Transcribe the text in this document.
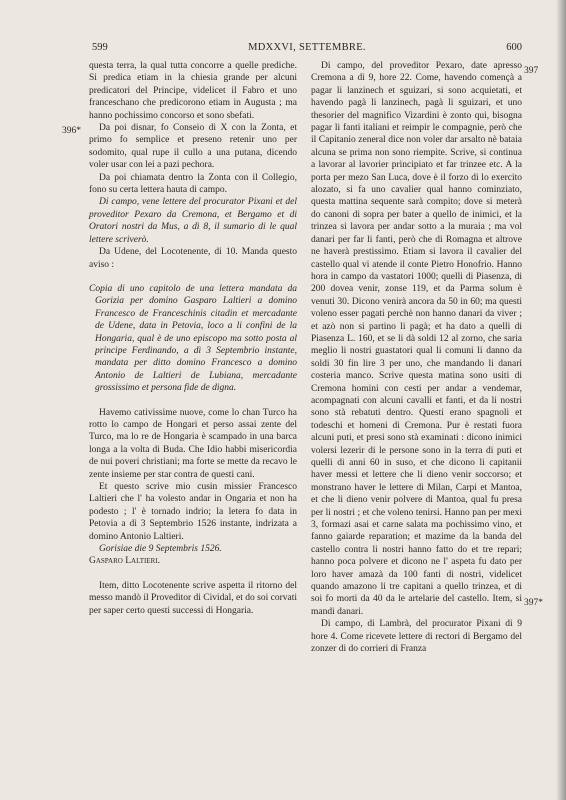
599	MDXXVI, SETTEMBRE.	600
396*
397
397*

questa terra, la qual tutta concorre a quelle prediche. Si predica etiam in la chiesia grande per alcuni predicatori del Principe, videlicet il Fabro et uno franceschano che predicorono etiam in Augusta ; ma hanno pochissimo concorso et sono sbefati.

Da poi disnar, fo Conseio di X con la Zonta, et primo fo semplice et preseno retenir uno per sodomito, qual rupe il cullo a una putana, dicendo voler usar con lei a pazi pechora.

Da poi chiamata dentro la Zonta con il Collegio, fono su certa lettera hauta di campo.

Di campo, vene lettere del procurator Pixani et del proveditor Pexaro da Cremona, et Bergamo et di Oratori nostri da Mus, a dì 8, il sumario di le qual lettere scriverò.

Da Udene, del Locotenente, di 10. Manda questo aviso :

Copia di uno capitolo de una lettera mandata da Gorizia per domino Gasparo Laltieri a domino Francesco de Franceschinis citadin et mercadante de Udene, data in Petovia, loco a li confini de la Hongaria, qual è de uno episcopo ma sotto posta al principe Ferdinando, a dì 3 Septembrio instante, mandata per ditto domino Francesco a domino Antonio de Laltieri de Lubiana, mercadante grossissimo et persona fide de digna.

Havemo cativissime nuove, come lo chan Turco ha rotto lo campo de Hongari et perso assai zente del Turco, ma lo re de Hongaria è scampado in una barca longa a la volta di Buda. Che Idio habbi misericordia de nui poveri christiani; ma forte se mette da recavo le zente insieme per star contra de questi cani.

Et questo scrive mio cusin missier Francesco Laltieri che l' ha volesto andar in Ongaria et non ha podesto ; l' è tornado indrio; la letera fo data in Petovia a dì 3 Septembrio 1526 instante, indrizata a domino Antonio Laltieri.

Gorisiae die 9 Septembris 1526.

Gasparo Laltieri.

Item, ditto Locotenente scrive aspetta il ritorno del messo mandò il Proveditor di Cividal, et do soi corvati per saper certo questi successi di Hongaria.

Di campo, del proveditor Pexaro, date apresso Cremona a dì 9, hore 22. Come, havendo començà a pagar li lanzinech et sguizari, si sono acquietati, et havendo pagà li lanzinech, pagà li sguizari, et uno thesorier del magnifico Vizardini è zonto qui, bisogna pagar li fanti italiani et reimpir le compagnie, però che il Capitanio zeneral dice non voler dar arsalto nè bataia alcuna se prima non sono riempite. Scrive, si continua a lavorar al lavorier principiato et far trinzee etc. A la porta per mezo San Luca, dove è il forzo di lo exercito alozato, si fa uno cavalier qual hanno cominziato, questa mattina sequente sarà compito; dove si meterà do canoni di sopra per bater a quello de inimici, et la trinzea si lavora per andar sotto a la muraia ; ma vol danari per far li fanti, però che di Romagna et altrove ne haverà prestissimo. Etiam si lavora il cavalier del castello qual vi atende il conte Pietro Honofrio. Hanno hora in campo da vastatori 1000; quelli di Piasenza, di 200 dovea venir, zonse 119, et da Parma solum è venuti 30. Dicono venirà ancora da 50 in 60; ma questi voleno esser pagati perchè non hanno danari da viver ; et azò non si partino li pagà; et ha dato a quelli di Piasenza L. 160, et se li dà soldi 12 al zorno, che saria meglio li nostri guastatori qual li comuni li danno da soldi 30 fin lire 3 per uno, che mandando li danari costeria manco. Scrive questa matina sono usiti di Cremona homini con cesti per andar a vendemar, acompagnati con alcuni cavalli et fanti, et da li nostri sono stà rebatuti dentro. Questi erano spagnoli et todeschi et homeni di Cremona. Pur è restati fuora alcuni puti, et presi sono stà examinati : dicono inimici volersi lezerir di le persone sono in la terra di puti et quelli di anni 60 in suso, et che dicono li capitanii haver messi et lettere che li dieno venir soccorso; et monstrano haver le lettere di Milan, Carpi et Mantoa, et che li dieno venir polvere di Mantoa, qual fu presa per li nostri ; et che voleno tenirsi. Hanno pan per mexi 3, formazi asai et carne salata ma pochissimo vino, et fanno gaiarde reparation; et mazime da la banda del castello contra li nostri hanno fatto do et tre repari; hanno poca polvere et dicono ne l' aspeta fu dato per loro haver amazà da 100 fanti di nostri, videlicet quando amazono li tre capitani a quello trinzea, et di soi fo morti da 40 da le artelarie del castello. Item, si mandi danari.

Di campo, di Lambrà, del procurator Pixani di 9 hore 4. Come ricevete lettere di rectori di Bergamo del zonzer di do corrieri di Franza
